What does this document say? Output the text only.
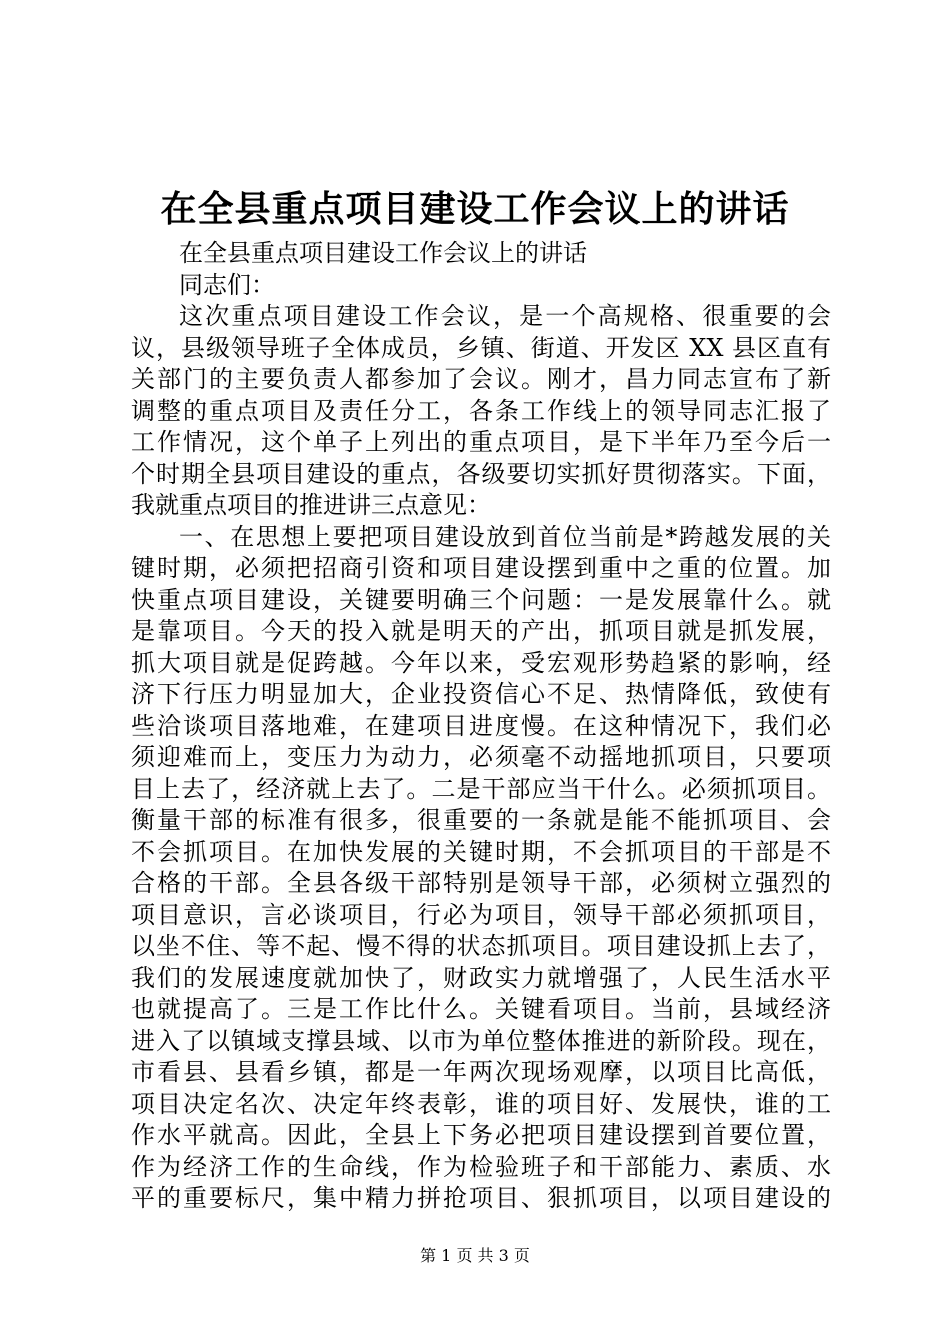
在全县重点项目建设工作会议上的讲话
在全县重点项目建设工作会议上的讲话
同志们：
这次重点项目建设工作会议，是一个高规格、很重要的会
议，县级领导班子全体成员，乡镇、街道、开发区 XX 县区直有
关部门的主要负责人都参加了会议。刚才，昌力同志宣布了新
调整的重点项目及责任分工，各条工作线上的领导同志汇报了
工作情况，这个单子上列出的重点项目，是下半年乃至今后一
个时期全县项目建设的重点，各级要切实抓好贯彻落实。下面，
我就重点项目的推进讲三点意见：
一、在思想上要把项目建设放到首位当前是*跨越发展的关
键时期，必须把招商引资和项目建设摆到重中之重的位置。加
快重点项目建设，关键要明确三个问题：一是发展靠什么。就
是靠项目。今天的投入就是明天的产出，抓项目就是抓发展，
抓大项目就是促跨越。今年以来，受宏观形势趋紧的影响，经
济下行压力明显加大，企业投资信心不足、热情降低，致使有
些洽谈项目落地难，在建项目进度慢。在这种情况下，我们必
须迎难而上，变压力为动力，必须毫不动摇地抓项目，只要项
目上去了，经济就上去了。二是干部应当干什么。必须抓项目。
衡量干部的标准有很多，很重要的一条就是能不能抓项目、会
不会抓项目。在加快发展的关键时期，不会抓项目的干部是不
合格的干部。全县各级干部特别是领导干部，必须树立强烈的
项目意识，言必谈项目，行必为项目，领导干部必须抓项目，
以坐不住、等不起、慢不得的状态抓项目。项目建设抓上去了，
我们的发展速度就加快了，财政实力就增强了，人民生活水平
也就提高了。三是工作比什么。关键看项目。当前，县域经济
进入了以镇域支撑县域、以市为单位整体推进的新阶段。现在，
市看县、县看乡镇，都是一年两次现场观摩，以项目比高低，
项目决定名次、决定年终表彰，谁的项目好、发展快，谁的工
作水平就高。因此，全县上下务必把项目建设摆到首要位置，
作为经济工作的生命线，作为检验班子和干部能力、素质、水
平的重要标尺，集中精力拼抢项目、狠抓项目，以项目建设的
第 1 页 共 3 页
